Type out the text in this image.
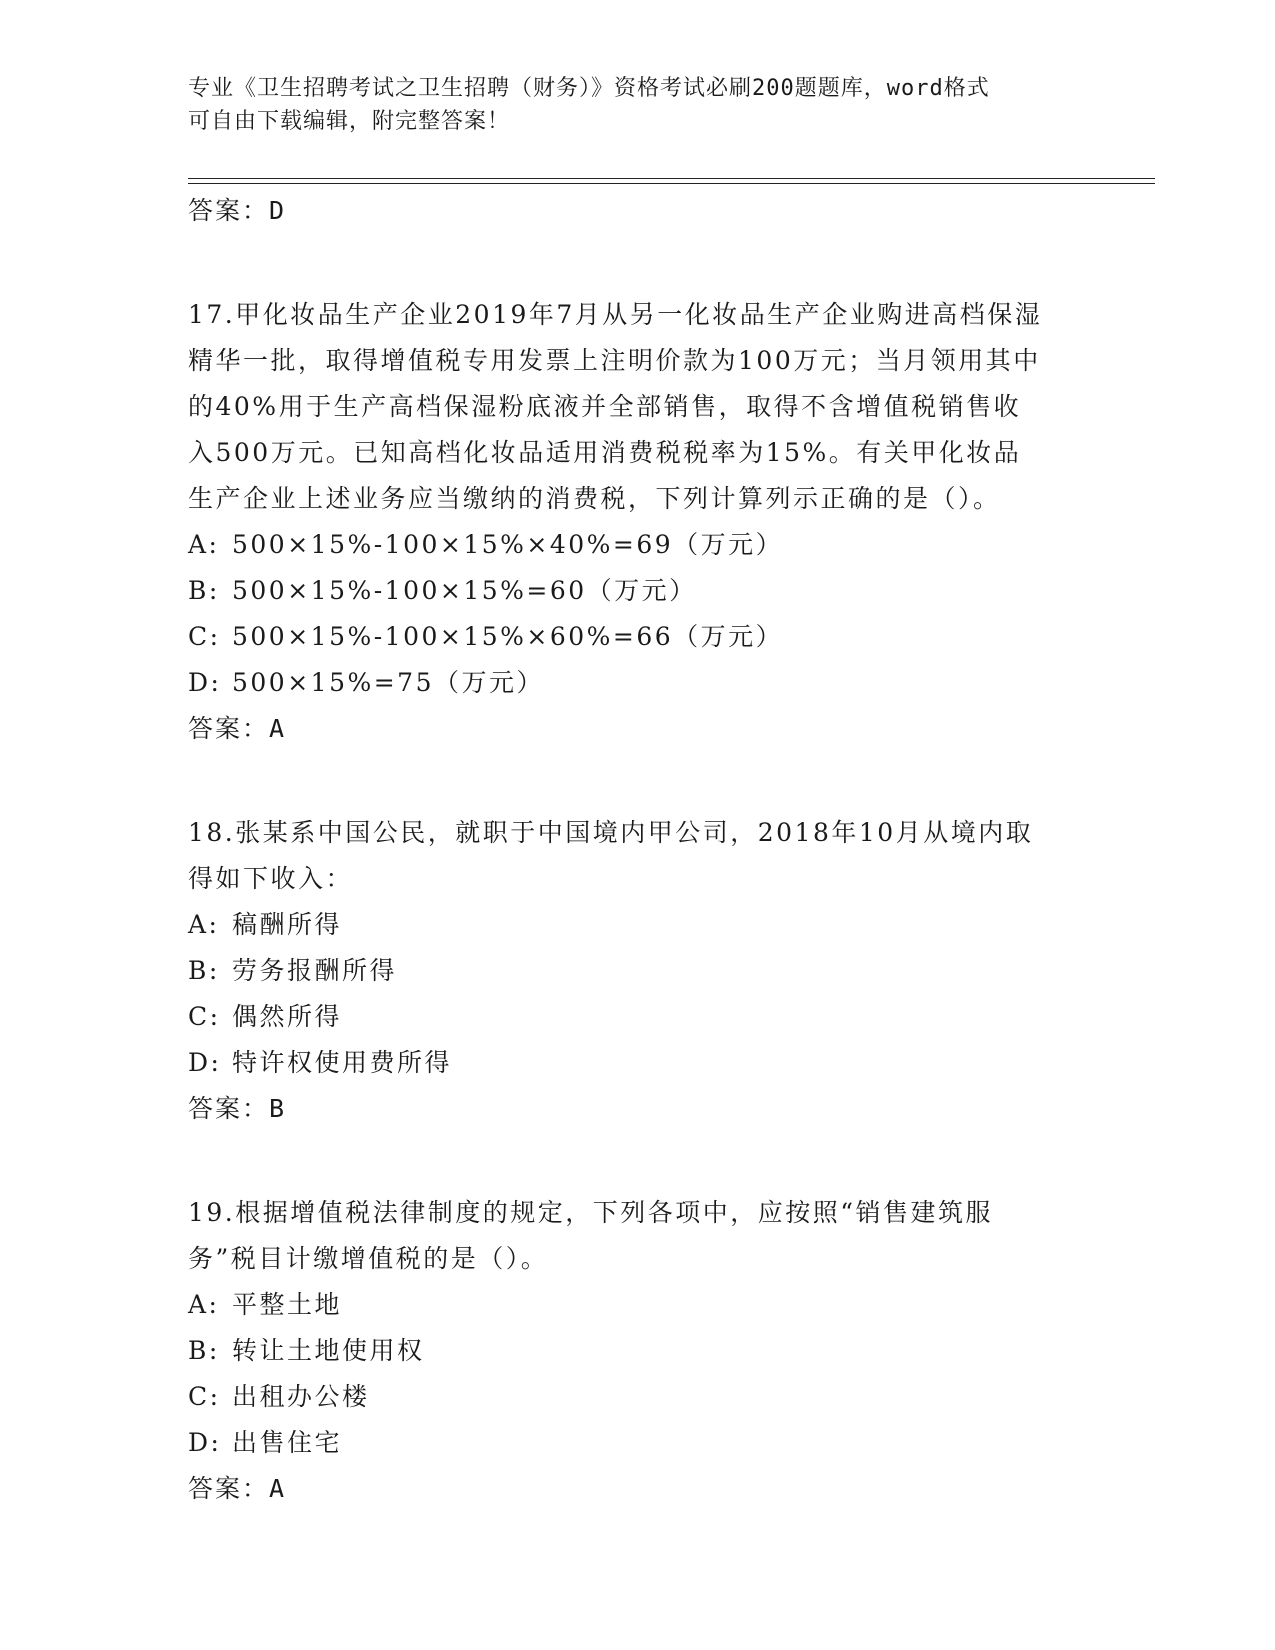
专业《卫生招聘考试之卫生招聘（财务）》资格考试必刷200题题库，word格式
可自由下载编辑，附完整答案！
答案：D
17.甲化妆品生产企业2019年7月从另一化妆品生产企业购进高档保湿精华一批，取得增值税专用发票上注明价款为100万元；当月领用其中的40%用于生产高档保湿粉底液并全部销售，取得不含增值税销售收入500万元。已知高档化妆品适用消费税税率为15%。有关甲化妆品生产企业上述业务应当缴纳的消费税，下列计算列示正确的是（）。
A: 500×15%-100×15%×40%=69（万元）
B: 500×15%-100×15%=60（万元）
C: 500×15%-100×15%×60%=66（万元）
D: 500×15%=75（万元）
答案：A
18.张某系中国公民，就职于中国境内甲公司，2018年10月从境内取得如下收入：
A: 稿酬所得
B: 劳务报酬所得
C: 偶然所得
D: 特许权使用费所得
答案：B
19.根据增值税法律制度的规定，下列各项中，应按照“销售建筑服务”税目计缴增值税的是（）。
A: 平整土地
B: 转让土地使用权
C: 出租办公楼
D: 出售住宅
答案：A
